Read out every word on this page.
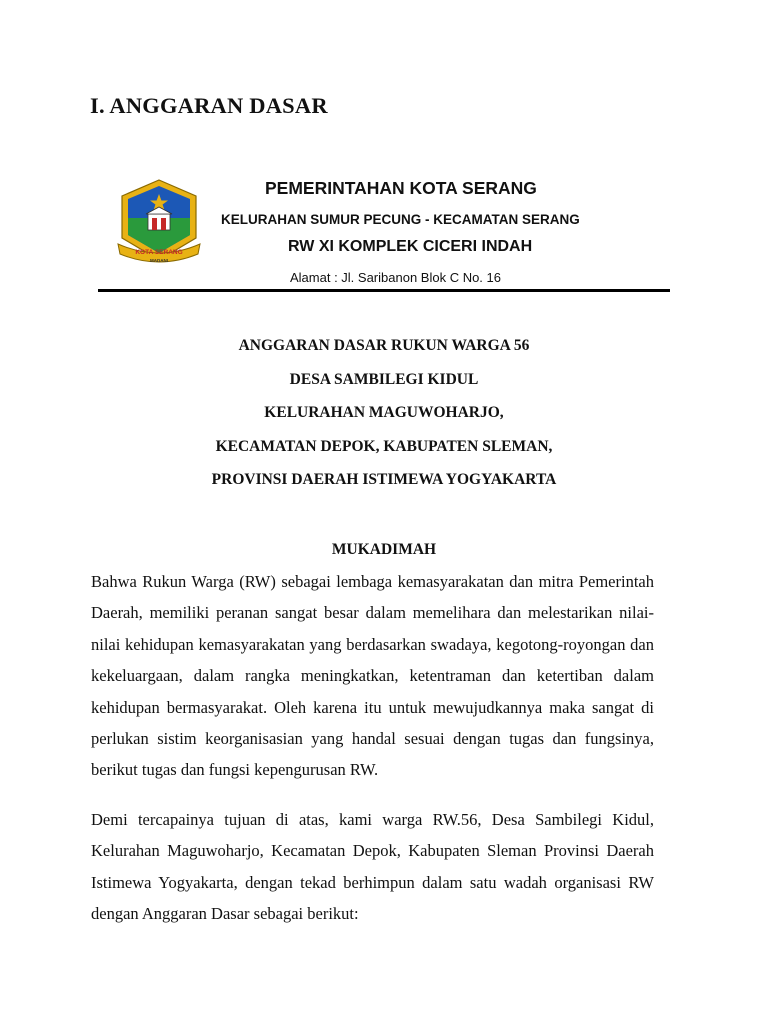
I. ANGGARAN DASAR
KOTA SERANG
MADANI
PEMERINTAHAN KOTA SERANG
KELURAHAN SUMUR PECUNG - KECAMATAN SERANG
RW XI KOMPLEK CICERI INDAH
Alamat : Jl. Saribanon Blok C No. 16
ANGGARAN DASAR RUKUN WARGA 56
DESA SAMBILEGI KIDUL
KELURAHAN MAGUWOHARJO,
KECAMATAN DEPOK, KABUPATEN SLEMAN,
PROVINSI DAERAH ISTIMEWA YOGYAKARTA
MUKADIMAH

Bahwa Rukun Warga (RW) sebagai lembaga kemasyarakatan dan mitra Pemerintah Daerah, memiliki peranan sangat besar dalam memelihara dan melestarikan nilai-nilai kehidupan kemasyarakatan yang berdasarkan swadaya, kegotong-royongan dan kekeluargaan, dalam rangka meningkatkan, ketentraman dan ketertiban dalam kehidupan bermasyarakat. Oleh karena itu untuk mewujudkannya maka sangat di perlukan sistim keorganisasian yang handal sesuai dengan tugas dan fungsinya, berikut tugas dan fungsi kepengurusan RW.

Demi tercapainya tujuan di atas, kami warga RW.56, Desa Sambilegi Kidul, Kelurahan Maguwoharjo, Kecamatan Depok, Kabupaten Sleman Provinsi Daerah Istimewa Yogyakarta, dengan tekad berhimpun dalam satu wadah organisasi RW dengan Anggaran Dasar sebagai berikut:
